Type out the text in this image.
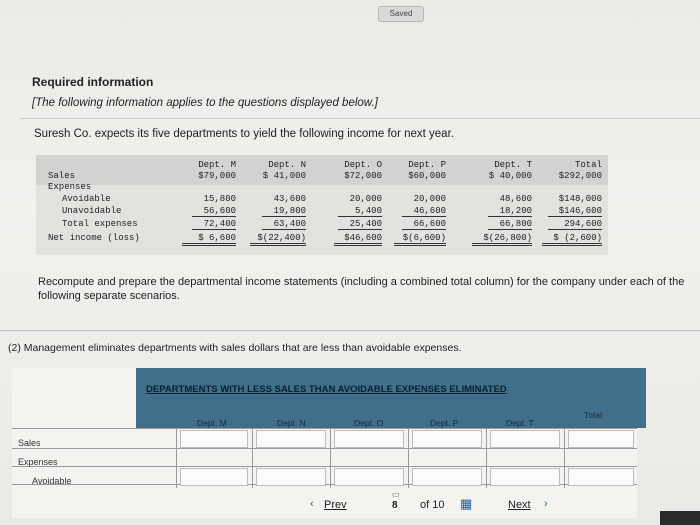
Saved
Required information
[The following information applies to the questions displayed below.]
Suresh Co. expects its five departments to yield the following income for next year.
Dept. M	Dept. N	Dept. O	Dept. P	Dept. T	Total
Sales	$79,000	$ 41,000	$72,000	$60,000	$ 40,000	$292,000
Expenses
Avoidable	15,800	43,600	20,000	20,000	48,600	$148,000
Unavoidable	56,600	19,800	5,400	46,600	18,200	$146,600
Total expenses	72,400	63,400	25,400	66,600	66,800	294,600
Net income (loss)	$ 6,600	$(22,400)	$46,600	$(6,600)	$(26,800)	$ (2,600)
Recompute and prepare the departmental income statements (including a combined total column) for the company under each of the following separate scenarios.
(2) Management eliminates departments with sales dollars that are less than avoidable expenses.
DEPARTMENTS WITH LESS SALES THAN AVOIDABLE EXPENSES ELIMINATED
Dept. M	Dept. N	Dept. O	Dept. P	Dept. T
Total
Sales
Expenses
Avoidable
‹ Prev
▭
8 of 10 ▦	Next ›
